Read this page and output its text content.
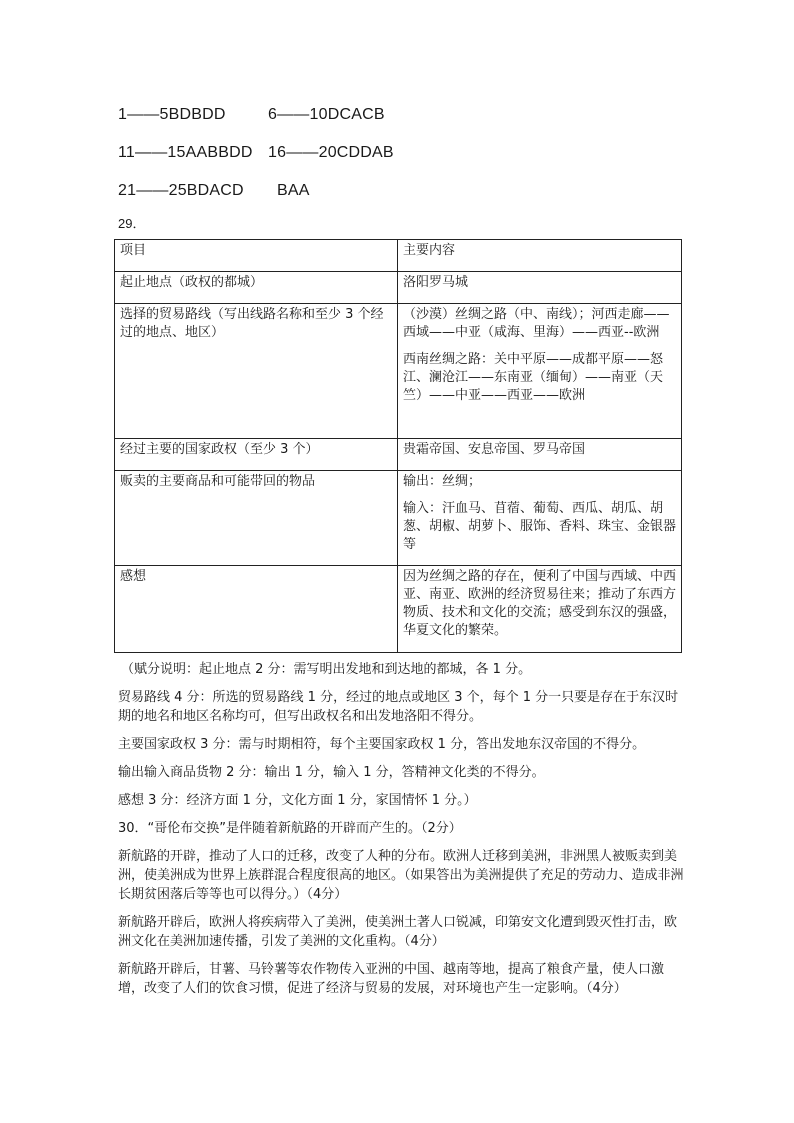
1——5BDBDD	6——10DCACB
11——15AABBDD 16——20CDDAB
21——25BDACD	BAA
29．
项目	主要内容
起止地点（政权的都城）	洛阳罗马城

选择的贸易路线（写出线路名称和至少 3 个经过的地点、地区）	（沙漠）丝绸之路（中、南线）；河西走廊——西域——中亚（咸海、里海）——西亚--欧洲

西南丝绸之路：关中平原——成都平原——怒江、澜沧江——东南亚（缅甸）——南亚（天竺）——中亚——西亚——欧洲

经过主要的国家政权（至少 3 个）	贵霜帝国、安息帝国、罗马帝国

贩卖的主要商品和可能带回的物品	输出：丝绸；

输入：汗血马、苜蓿、葡萄、西瓜、胡瓜、胡葱、胡椒、胡萝卜、服饰、香料、珠宝、金银器等

感想	因为丝绸之路的存在，便利了中国与西域、中西亚、南亚、欧洲的经济贸易往来；推动了东西方物质、技术和文化的交流；感受到东汉的强盛，华夏文化的繁荣。

（赋分说明：起止地点 2 分：需写明出发地和到达地的都城，各 1 分。

贸易路线 4 分：所选的贸易路线 1 分，经过的地点或地区 3 个，每个 1 分一只要是存在于东汉时期的地名和地区名称均可，但写出政权名和出发地洛阳不得分。

主要国家政权 3 分：需与时期相符，每个主要国家政权 1 分，答出发地东汉帝国的不得分。

输出输入商品货物 2 分：输出 1 分，输入 1 分，答精神文化类的不得分。

感想 3 分：经济方面 1 分，文化方面 1 分，家国情怀 1 分。）

30．“哥伦布交换”是伴随着新航路的开辟而产生的。（2分）

新航路的开辟，推动了人口的迁移，改变了人种的分布。欧洲人迁移到美洲，非洲黑人被贩卖到美洲，使美洲成为世界上族群混合程度很高的地区。（如果答出为美洲提供了充足的劳动力、造成非洲长期贫困落后等等也可以得分。）（4分）

新航路开辟后，欧洲人将疾病带入了美洲，使美洲土著人口锐减，印第安文化遭到毁灭性打击，欧洲文化在美洲加速传播，引发了美洲的文化重构。（4分）

新航路开辟后，甘薯、马铃薯等农作物传入亚洲的中国、越南等地，提高了粮食产量，使人口激增，改变了人们的饮食习惯，促进了经济与贸易的发展，对环境也产生一定影响。（4分）
